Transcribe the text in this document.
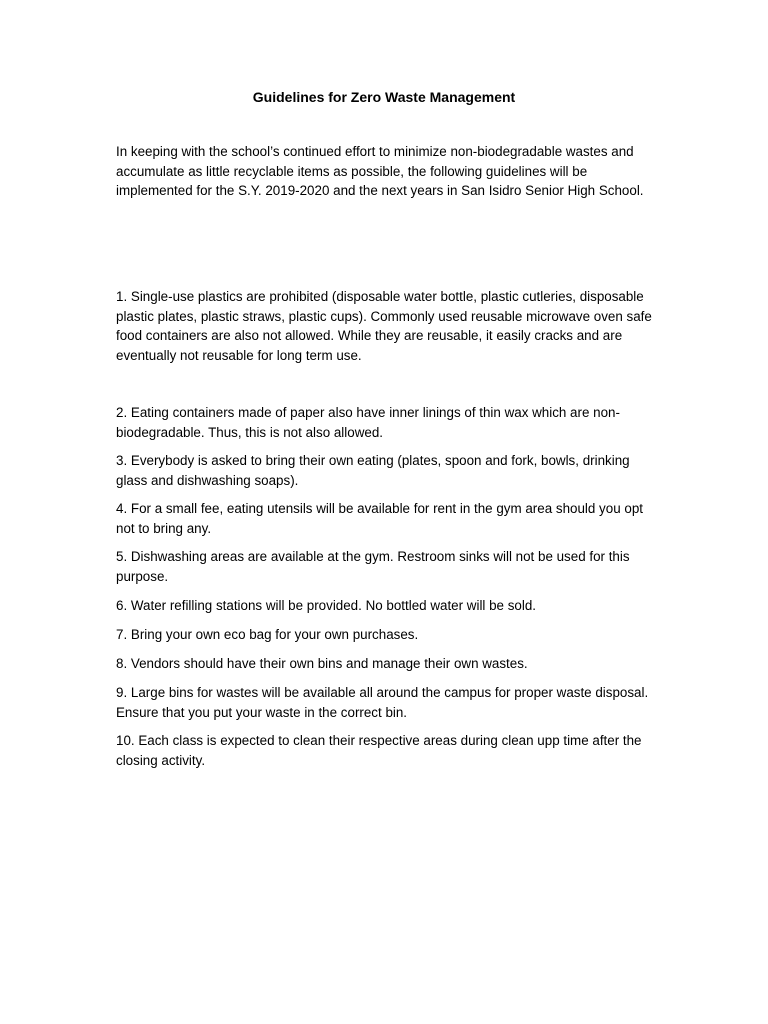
Guidelines for Zero Waste Management

In keeping with the school’s continued effort to minimize non-biodegradable wastes and accumulate as little recyclable items as possible, the following guidelines will be implemented for the S.Y. 2019-2020 and the next years in San Isidro Senior High School.

1. Single-use plastics are prohibited (disposable water bottle, plastic cutleries, disposable plastic plates, plastic straws, plastic cups). Commonly used reusable microwave oven safe food containers are also not allowed. While they are reusable, it easily cracks and are eventually not reusable for long term use.

2. Eating containers made of paper also have inner linings of thin wax which are non-biodegradable. Thus, this is not also allowed.

3. Everybody is asked to bring their own eating (plates, spoon and fork, bowls, drinking glass and dishwashing soaps).

4. For a small fee, eating utensils will be available for rent in the gym area should you opt not to bring any.

5. Dishwashing areas are available at the gym. Restroom sinks will not be used for this purpose.

6. Water refilling stations will be provided. No bottled water will be sold.

7. Bring your own eco bag for your own purchases.

8. Vendors should have their own bins and manage their own wastes.

9. Large bins for wastes will be available all around the campus for proper waste disposal. Ensure that you put your waste in the correct bin.

10. Each class is expected to clean their respective areas during clean upp time after the closing activity.
